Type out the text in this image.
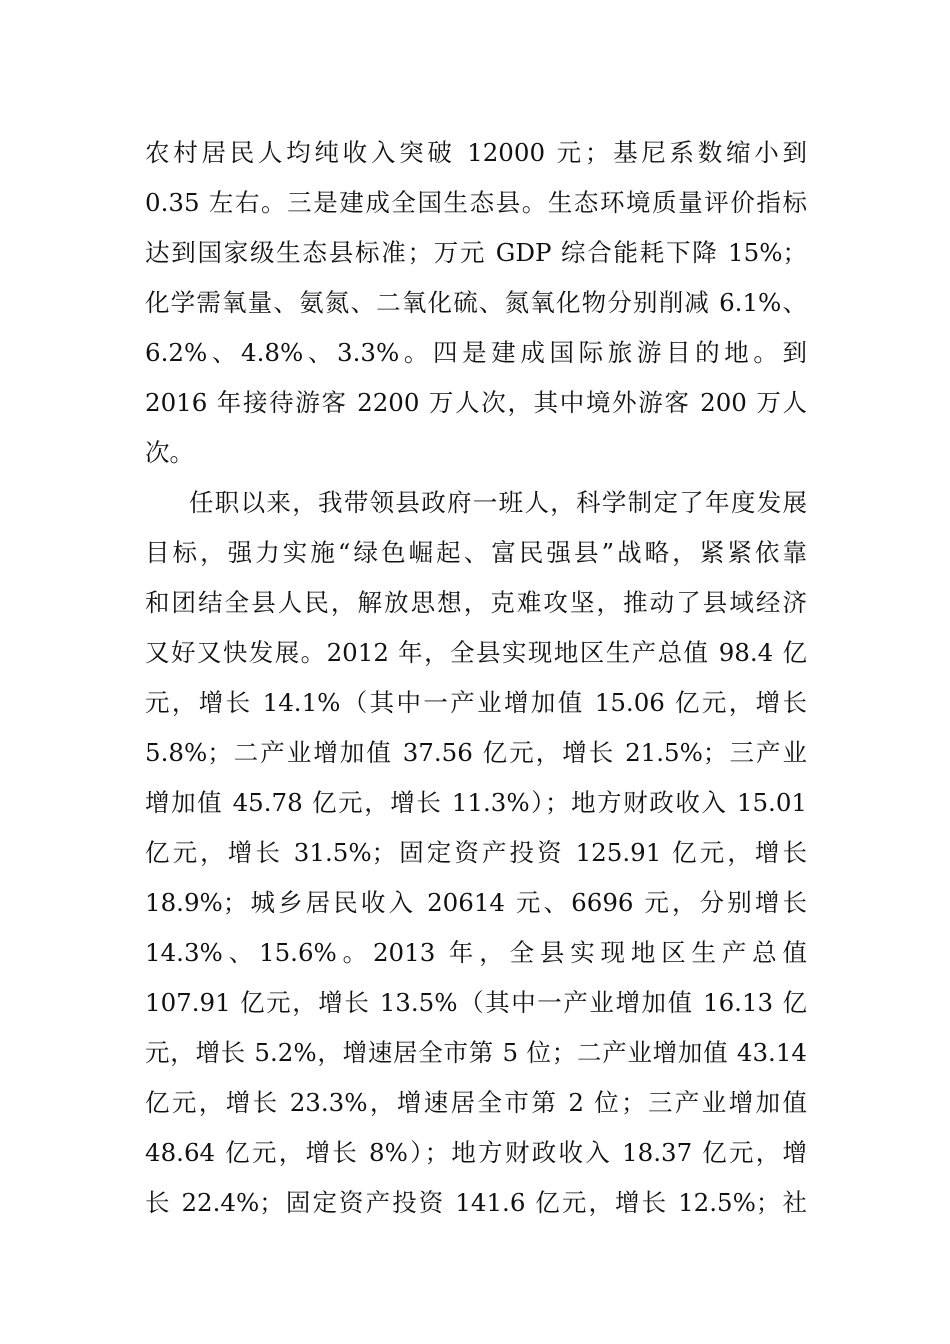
农村居民人均纯收入突破 12000 元；基尼系数缩小到
0.35 左右。三是建成全国生态县。生态环境质量评价指标
达到国家级生态县标准；万元 GDP 综合能耗下降 15%；
化学需氧量、氨氮、二氧化硫、氮氧化物分别削减 6.1%、
6.2%、4.8%、3.3%。四是建成国际旅游目的地。到
2016 年接待游客 2200 万人次，其中境外游客 200 万人
次。
任职以来，我带领县政府一班人，科学制定了年度发展
目标，强力实施“绿色崛起、富民强县”战略，紧紧依靠
和团结全县人民，解放思想，克难攻坚，推动了县域经济
又好又快发展。2012 年，全县实现地区生产总值 98.4 亿
元，增长 14.1%（其中一产业增加值 15.06 亿元，增长
5.8%；二产业增加值 37.56 亿元，增长 21.5%；三产业
增加值 45.78 亿元，增长 11.3%）；地方财政收入 15.01
亿元，增长 31.5%；固定资产投资 125.91 亿元，增长
18.9%；城乡居民收入 20614 元、6696 元，分别增长
14.3%、15.6%。2013 年，全县实现地区生产总值
107.91 亿元，增长 13.5%（其中一产业增加值 16.13 亿
元，增长 5.2%，增速居全市第 5 位；二产业增加值 43.14
亿元，增长 23.3%，增速居全市第 2 位；三产业增加值
48.64 亿元，增长 8%）；地方财政收入 18.37 亿元，增
长 22.4%；固定资产投资 141.6 亿元，增长 12.5%；社
